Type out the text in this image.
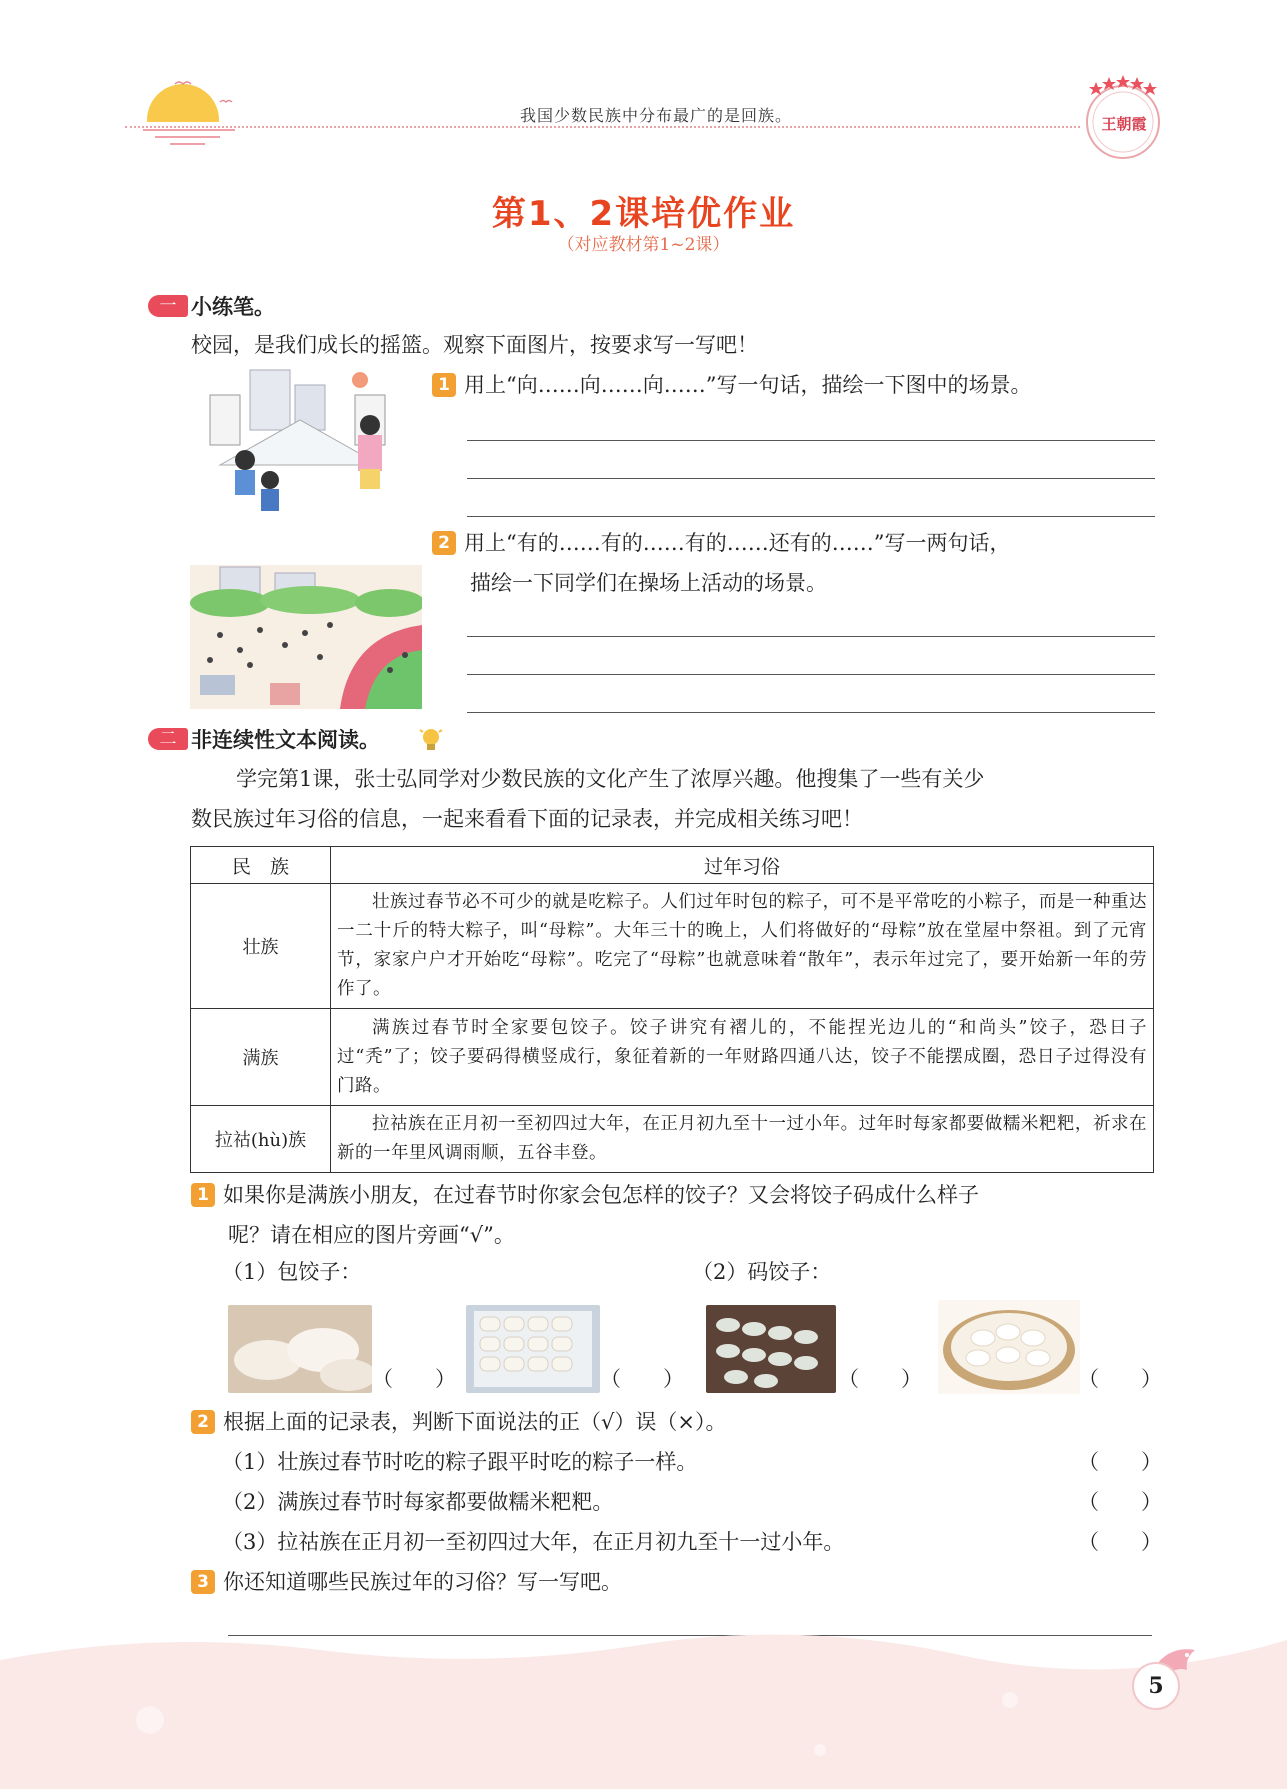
我国少数民族中分布最广的是回族。	王朝霞
第1、2课培优作业
（对应教材第1~2课）
一 小练笔。
校园，是我们成长的摇篮。观察下面图片，按要求写一写吧！
1 用上“向……向……向……”写一句话，描绘一下图中的场景。
2 用上“有的……有的……有的……还有的……”写一两句话，
描绘一下同学们在操场上活动的场景。
二 非连续性文本阅读。
学完第1课，张士弘同学对少数民族的文化产生了浓厚兴趣。他搜集了一些有关少
数民族过年习俗的信息，一起来看看下面的记录表，并完成相关练习吧！
民　族	过年习俗
壮族	壮族过春节必不可少的就是吃粽子。人们过年时包的粽子，可不是平常吃的小粽子，而是一种重达一二十斤的特大粽子，叫“母粽”。大年三十的晚上，人们将做好的“母粽”放在堂屋中祭祖。到了元宵节，家家户户才开始吃“母粽”。吃完了“母粽”也就意味着“散年”，表示年过完了，要开始新一年的劳作了。
满族	满族过春节时全家要包饺子。饺子讲究有褶儿的，不能捏光边儿的“和尚头”饺子，恐日子过“秃”了；饺子要码得横竖成行，象征着新的一年财路四通八达，饺子不能摆成圈，恐日子过得没有门路。
拉祜(hù)族	拉祜族在正月初一至初四过大年，在正月初九至十一过小年。过年时每家都要做糯米粑粑，祈求在新的一年里风调雨顺，五谷丰登。
1 如果你是满族小朋友，在过春节时你家会包怎样的饺子？又会将饺子码成什么样子
呢？请在相应的图片旁画“√”。
（1）包饺子：	（2）码饺子：
（　　）	（　　）	（　　）	（　　）
2 根据上面的记录表，判断下面说法的正（√）误（×）。
（1）壮族过春节时吃的粽子跟平时吃的粽子一样。	（　　）
（2）满族过春节时每家都要做糯米粑粑。	（　　）
（3）拉祜族在正月初一至初四过大年，在正月初九至十一过小年。	（　　）
3 你还知道哪些民族过年的习俗？写一写吧。
5
